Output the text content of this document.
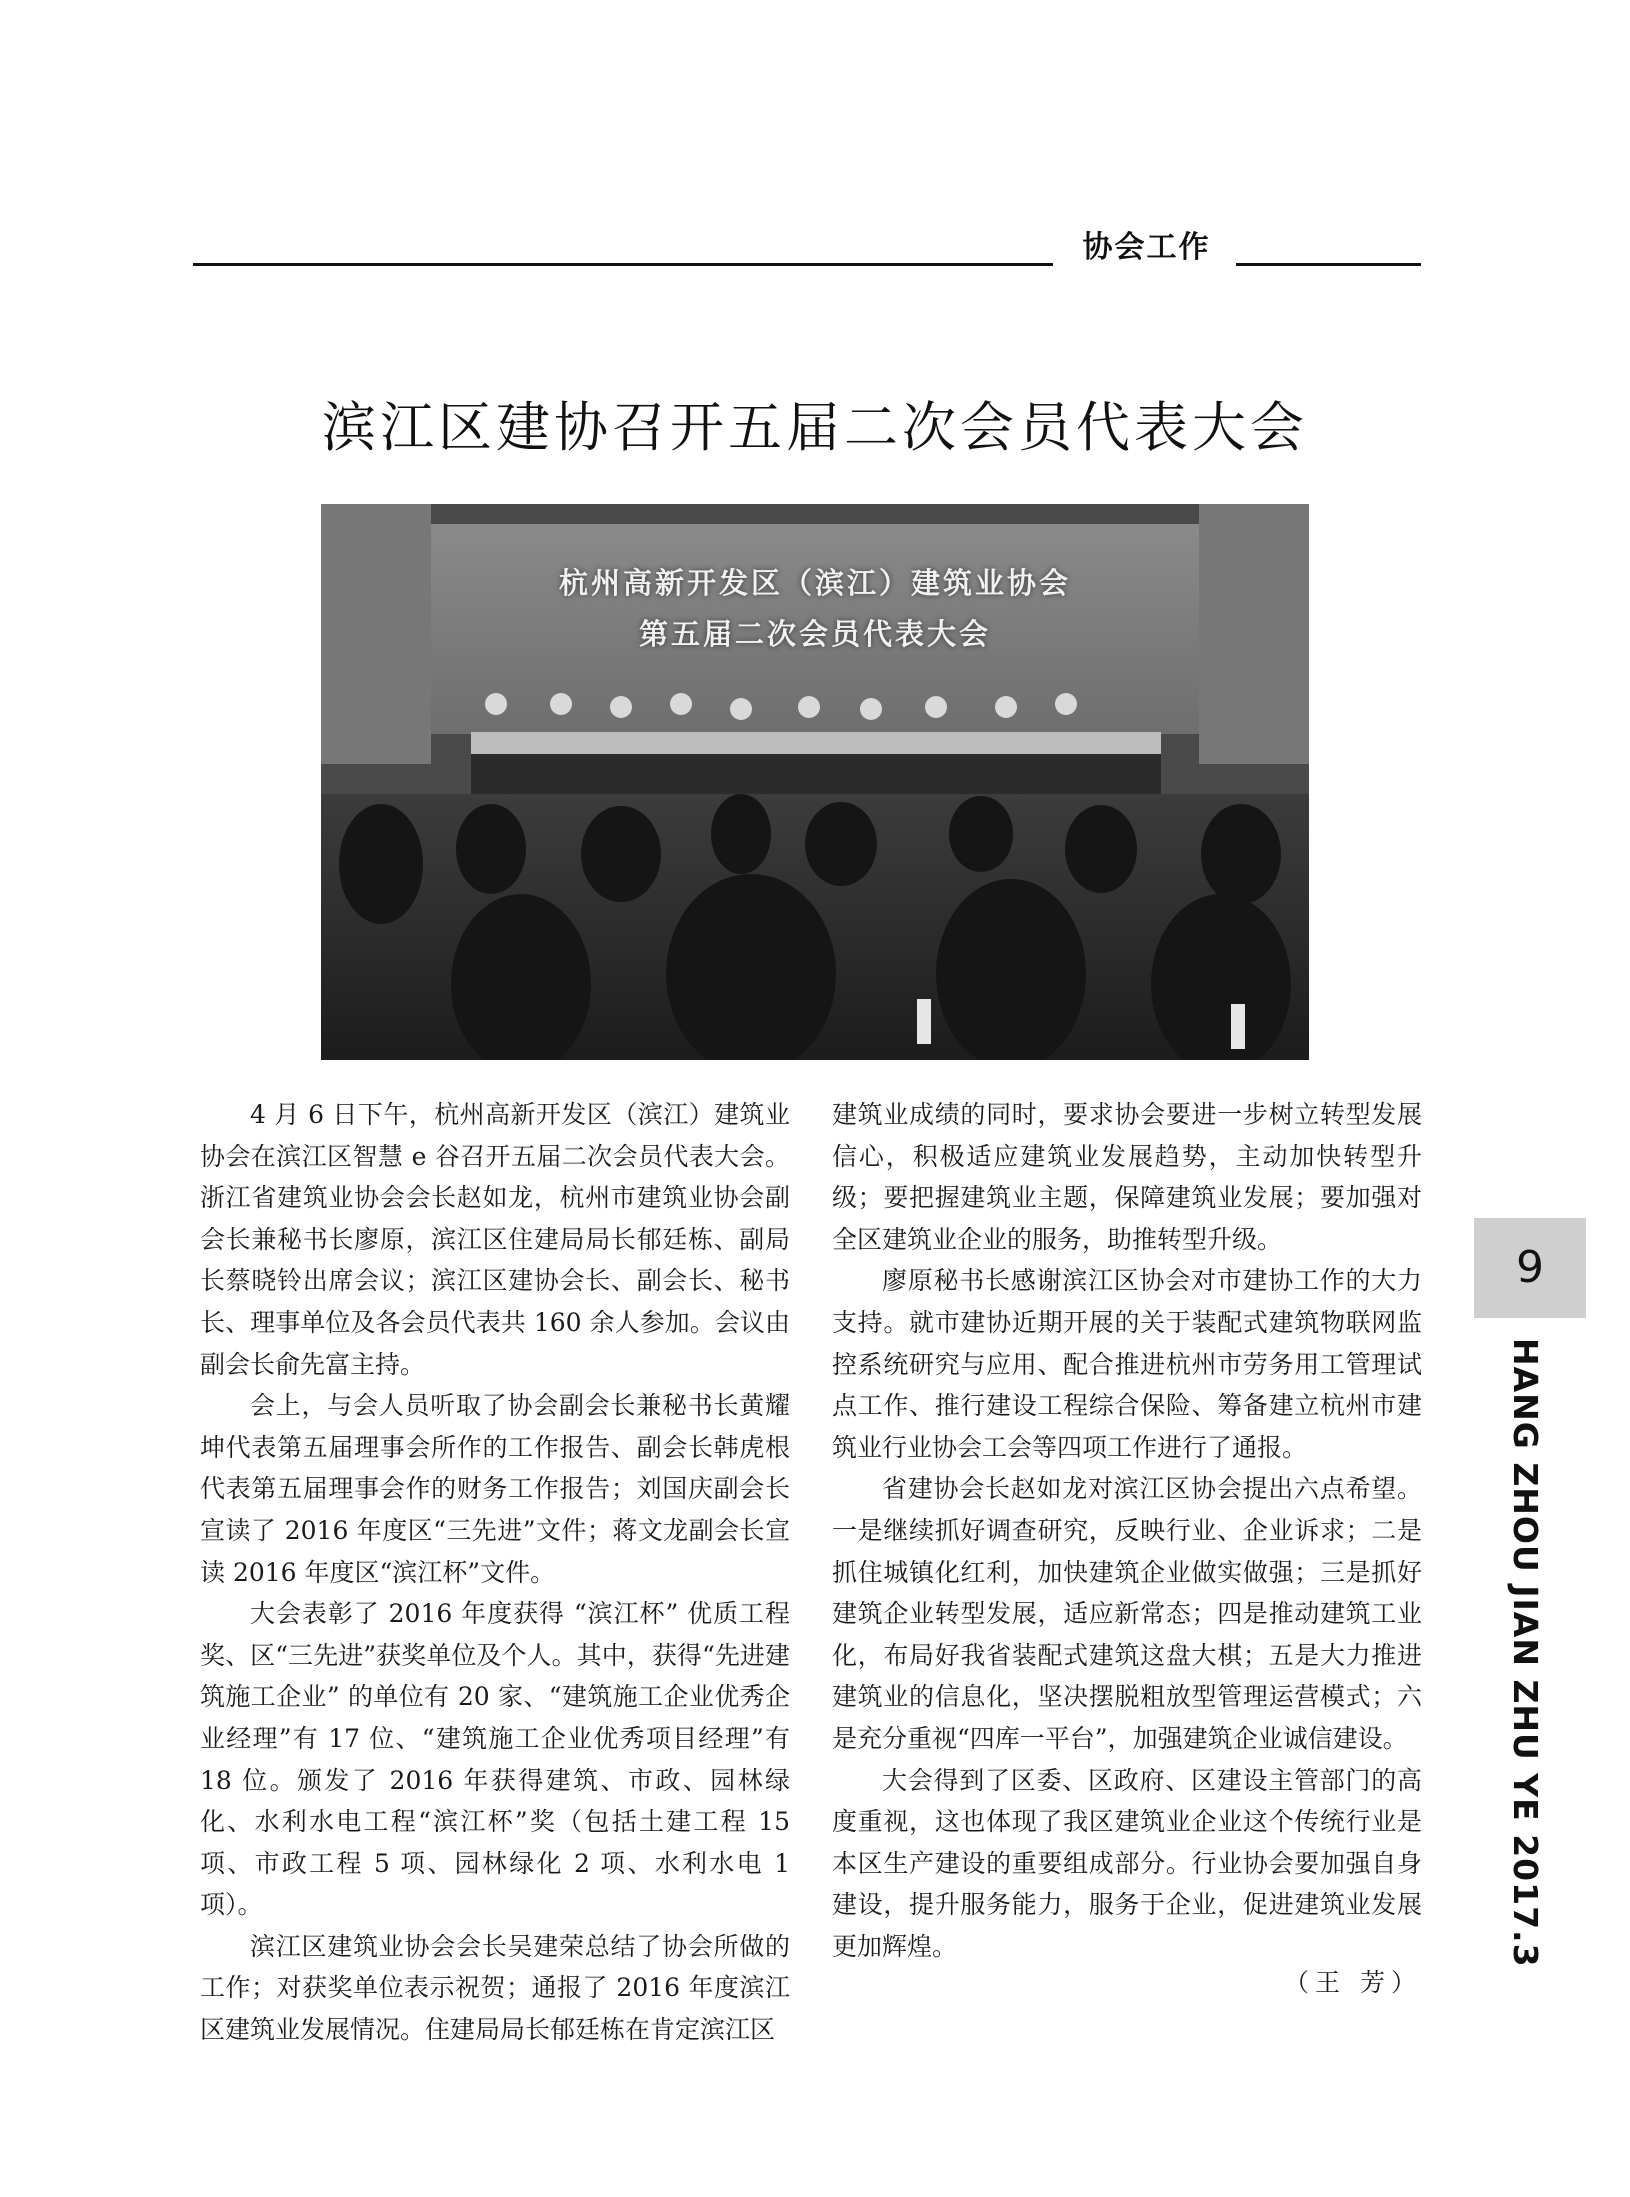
协会工作
滨江区建协召开五届二次会员代表大会
杭州高新开发区（滨江）建筑业协会
第五届二次会员代表大会

4 月 6 日下午，杭州高新开发区（滨江）建筑业协会在滨江区智慧 e 谷召开五届二次会员代表大会。浙江省建筑业协会会长赵如龙，杭州市建筑业协会副会长兼秘书长廖原，滨江区住建局局长郁廷栋、副局长蔡晓铃出席会议；滨江区建协会长、副会长、秘书长、理事单位及各会员代表共 160 余人参加。会议由副会长俞先富主持。

会上，与会人员听取了协会副会长兼秘书长黄耀坤代表第五届理事会所作的工作报告、副会长韩虎根代表第五届理事会作的财务工作报告；刘国庆副会长宣读了 2016 年度区“三先进”文件；蒋文龙副会长宣读 2016 年度区“滨江杯”文件。

大会表彰了 2016 年度获得 “滨江杯” 优质工程奖、区“三先进”获奖单位及个人。其中，获得“先进建筑施工企业” 的单位有 20 家、“建筑施工企业优秀企业经理”有 17 位、“建筑施工企业优秀项目经理”有 18 位。颁发了 2016 年获得建筑、市政、园林绿化、水利水电工程“滨江杯”奖（包括土建工程 15 项、市政工程 5 项、园林绿化 2 项、水利水电 1 项）。

滨江区建筑业协会会长吴建荣总结了协会所做的工作；对获奖单位表示祝贺；通报了 2016 年度滨江区建筑业发展情况。住建局局长郁廷栋在肯定滨江区

建筑业成绩的同时，要求协会要进一步树立转型发展信心，积极适应建筑业发展趋势，主动加快转型升级；要把握建筑业主题，保障建筑业发展；要加强对全区建筑业企业的服务，助推转型升级。

廖原秘书长感谢滨江区协会对市建协工作的大力支持。就市建协近期开展的关于装配式建筑物联网监控系统研究与应用、配合推进杭州市劳务用工管理试点工作、推行建设工程综合保险、筹备建立杭州市建筑业行业协会工会等四项工作进行了通报。

省建协会长赵如龙对滨江区协会提出六点希望。一是继续抓好调查研究，反映行业、企业诉求；二是抓住城镇化红利，加快建筑企业做实做强；三是抓好建筑企业转型发展，适应新常态；四是推动建筑工业化，布局好我省装配式建筑这盘大棋；五是大力推进建筑业的信息化，坚决摆脱粗放型管理运营模式；六是充分重视“四库一平台”，加强建筑企业诚信建设。

大会得到了区委、区政府、区建设主管部门的高度重视，这也体现了我区建筑业企业这个传统行业是本区生产建设的重要组成部分。行业协会要加强自身建设，提升服务能力，服务于企业，促进建筑业发展更加辉煌。

（王 芳）
9
HANG ZHOU JIAN ZHU YE 2017.3
